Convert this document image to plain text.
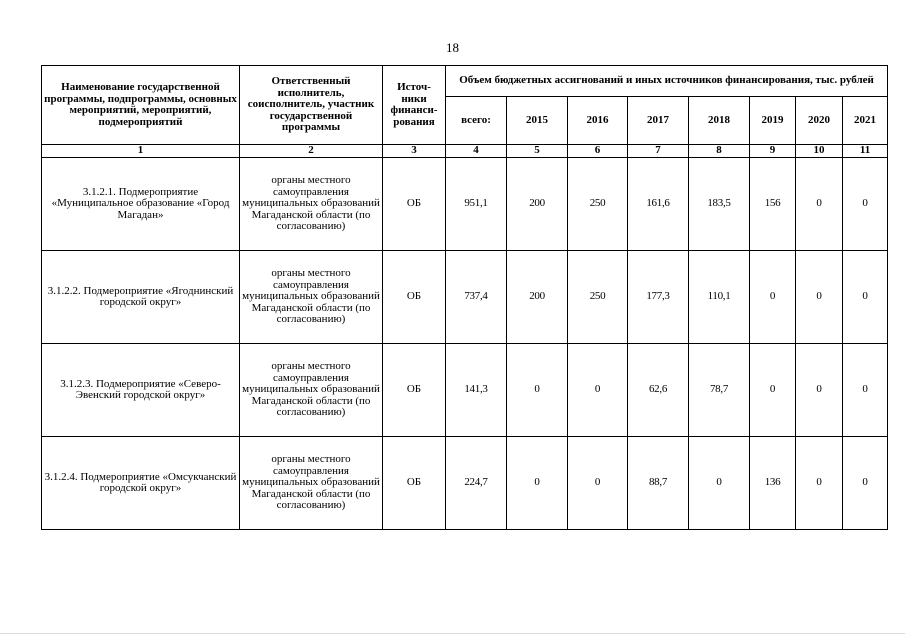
18
Наименование государственной программы, подпрограммы, основных мероприятий, мероприятий, подмероприятий	Ответственный исполнитель, соисполнитель, участник государственной программы	Источ-ники финанси-рования	Объем бюджетных ассигнований и иных источников финансирования, тыс. рублей							
			всего:	2015	2016	2017	2018	2019	2020	2021
1	2	3	4	5	6	7	8	9	10	11
3.1.2.1. Подмероприятие «Муниципальное образование «Город Магадан»	органы местного самоуправления муниципальных образований Магаданской области (по согласованию)	ОБ	951,1	200	250	161,6	183,5	156	0	0
3.1.2.2. Подмероприятие «Ягоднинский городской округ»	органы местного самоуправления муниципальных образований Магаданской области (по согласованию)	ОБ	737,4	200	250	177,3	110,1	0	0	0
3.1.2.3. Подмероприятие «Северо-Эвенский городской округ»	органы местного самоуправления муниципальных образований Магаданской области (по согласованию)	ОБ	141,3	0	0	62,6	78,7	0	0	0
3.1.2.4. Подмероприятие «Омсукчанский городской округ»	органы местного самоуправления муниципальных образований Магаданской области (по согласованию)	ОБ	224,7	0	0	88,7	0	136	0	0
